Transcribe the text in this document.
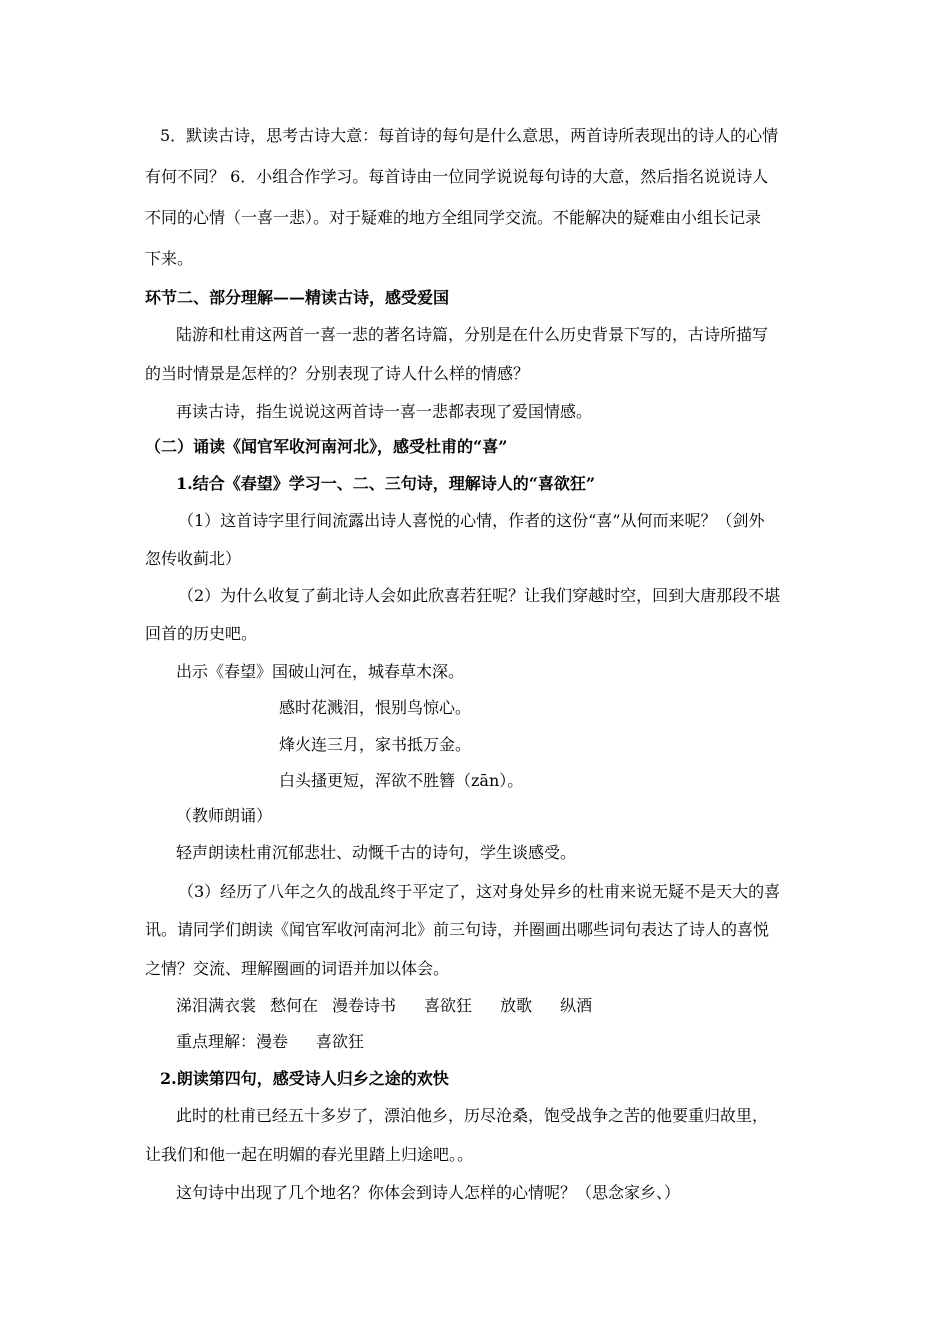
5．默读古诗，思考古诗大意：每首诗的每句是什么意思，两首诗所表现出的诗人的心情
有何不同？ 6．小组合作学习。每首诗由一位同学说说每句诗的大意，然后指名说说诗人
不同的心情（一喜一悲）。对于疑难的地方全组同学交流。不能解决的疑难由小组长记录
下来。
环节二、部分理解——精读古诗，感受爱国
陆游和杜甫这两首一喜一悲的著名诗篇，分别是在什么历史背景下写的，古诗所描写
的当时情景是怎样的？分别表现了诗人什么样的情感？
再读古诗，指生说说这两首诗一喜一悲都表现了爱国情感。
（二）诵读《闻官军收河南河北》，感受杜甫的“喜”
1.结合《春望》学习一、二、三句诗，理解诗人的“喜欲狂”
（1）这首诗字里行间流露出诗人喜悦的心情，作者的这份“喜”从何而来呢？（剑外
忽传收蓟北）
（2）为什么收复了蓟北诗人会如此欣喜若狂呢？让我们穿越时空，回到大唐那段不堪
回首的历史吧。
出示《春望》国破山河在，城春草木深。
感时花溅泪，恨别鸟惊心。
烽火连三月，家书抵万金。
白头搔更短，浑欲不胜簪（zān）。
（教师朗诵）
轻声朗读杜甫沉郁悲壮、动慨千古的诗句，学生谈感受。
（3）经历了八年之久的战乱终于平定了，这对身处异乡的杜甫来说无疑不是天大的喜
讯。请同学们朗读《闻官军收河南河北》前三句诗，并圈画出哪些词句表达了诗人的喜悦
之情？交流、理解圈画的词语并加以体会。
涕泪满衣裳 愁何在 漫卷诗书 喜欲狂 放歌 纵酒
重点理解：漫卷 喜欲狂
2.朗读第四句，感受诗人归乡之途的欢快
此时的杜甫已经五十多岁了，漂泊他乡，历尽沧桑，饱受战争之苦的他要重归故里，
让我们和他一起在明媚的春光里踏上归途吧。。
这句诗中出现了几个地名？你体会到诗人怎样的心情呢？（思念家乡、）
